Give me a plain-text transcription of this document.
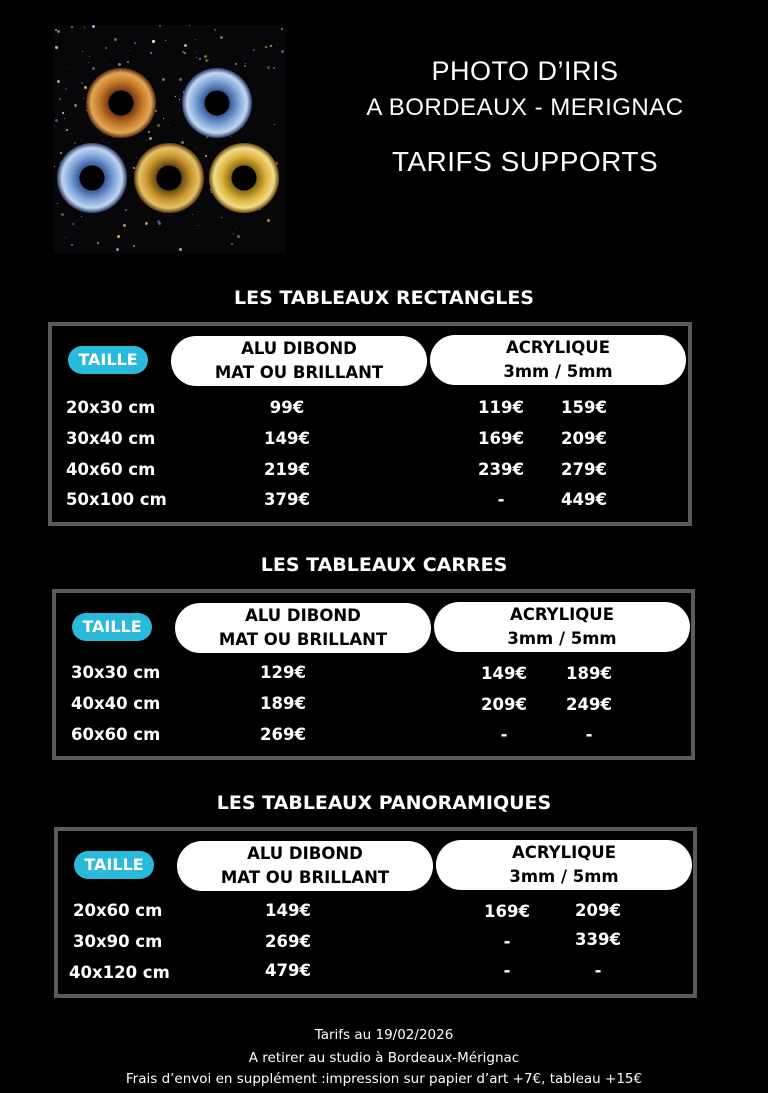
PHOTO D’IRIS
A BORDEAUX - MERIGNAC
TARIFS SUPPORTS
LES TABLEAUX RECTANGLES
TAILLE
ALU DIBOND
MAT OU BRILLANT
ACRYLIQUE
3mm / 5mm
20x30 cm	99€	119€	159€
30x40 cm	149€	169€	209€
40x60 cm	219€	239€	279€
50x100 cm	379€	-	449€
LES TABLEAUX CARRES
TAILLE
ALU DIBOND
MAT OU BRILLANT
ACRYLIQUE
3mm / 5mm
30x30 cm	129€	149€	189€
40x40 cm	189€	209€	249€
60x60 cm	269€	-	-
LES TABLEAUX PANORAMIQUES
TAILLE
ALU DIBOND
MAT OU BRILLANT
ACRYLIQUE
3mm / 5mm
20x60 cm	149€	169€	209€
30x90 cm	269€	-	339€
40x120 cm	479€	-	-
Tarifs au 19/02/2026
A retirer au studio à Bordeaux-Mérignac
Frais d’envoi en supplément :impression sur papier d’art +7€, tableau +15€
